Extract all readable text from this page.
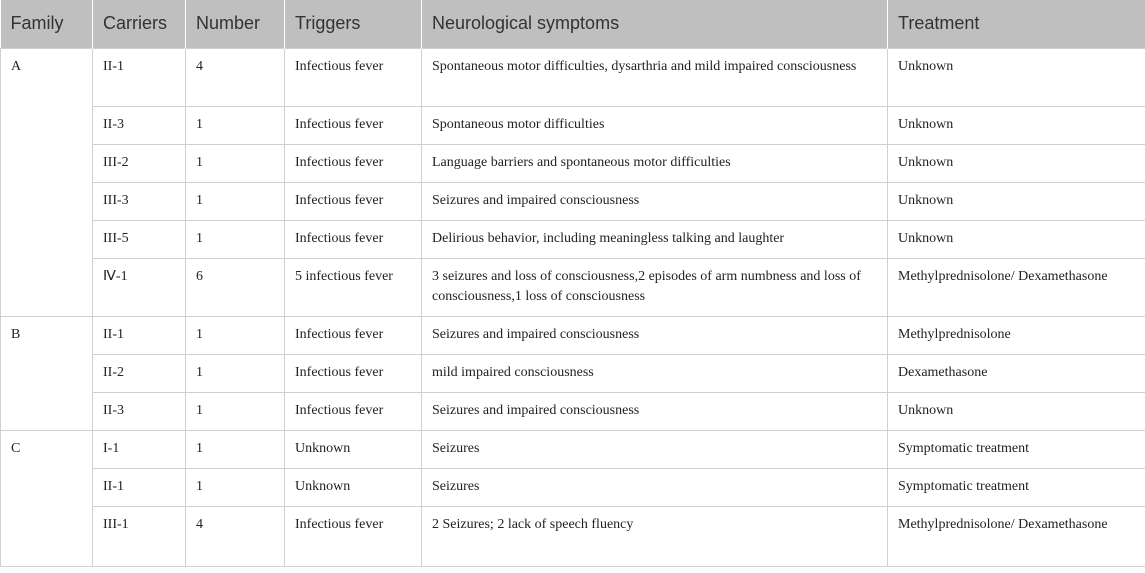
Family	Carriers	Number	Triggers	Neurological symptoms	Treatment
A	II-1	4	Infectious fever	Spontaneous motor difficulties, dysarthria and mild impaired consciousness	Unknown
	II-3	1	Infectious fever	Spontaneous motor difficulties	Unknown
	III-2	1	Infectious fever	Language barriers and spontaneous motor difficulties	Unknown
	III-3	1	Infectious fever	Seizures and impaired consciousness	Unknown
	III-5	1	Infectious fever	Delirious behavior, including meaningless talking and laughter	Unknown
	Ⅳ-1	6	5 infectious fever	3 seizures and loss of consciousness,2 episodes of arm numbness and loss of consciousness,1 loss of consciousness	Methylprednisolone/ Dexamethasone
B	II-1	1	Infectious fever	Seizures and impaired consciousness	Methylprednisolone
	II-2	1	Infectious fever	mild impaired consciousness	Dexamethasone
	II-3	1	Infectious fever	Seizures and impaired consciousness	Unknown
C	I-1	1	Unknown	Seizures	Symptomatic treatment
	II-1	1	Unknown	Seizures	Symptomatic treatment
	III-1	4	Infectious fever	2 Seizures; 2 lack of speech fluency	Methylprednisolone/ Dexamethasone
